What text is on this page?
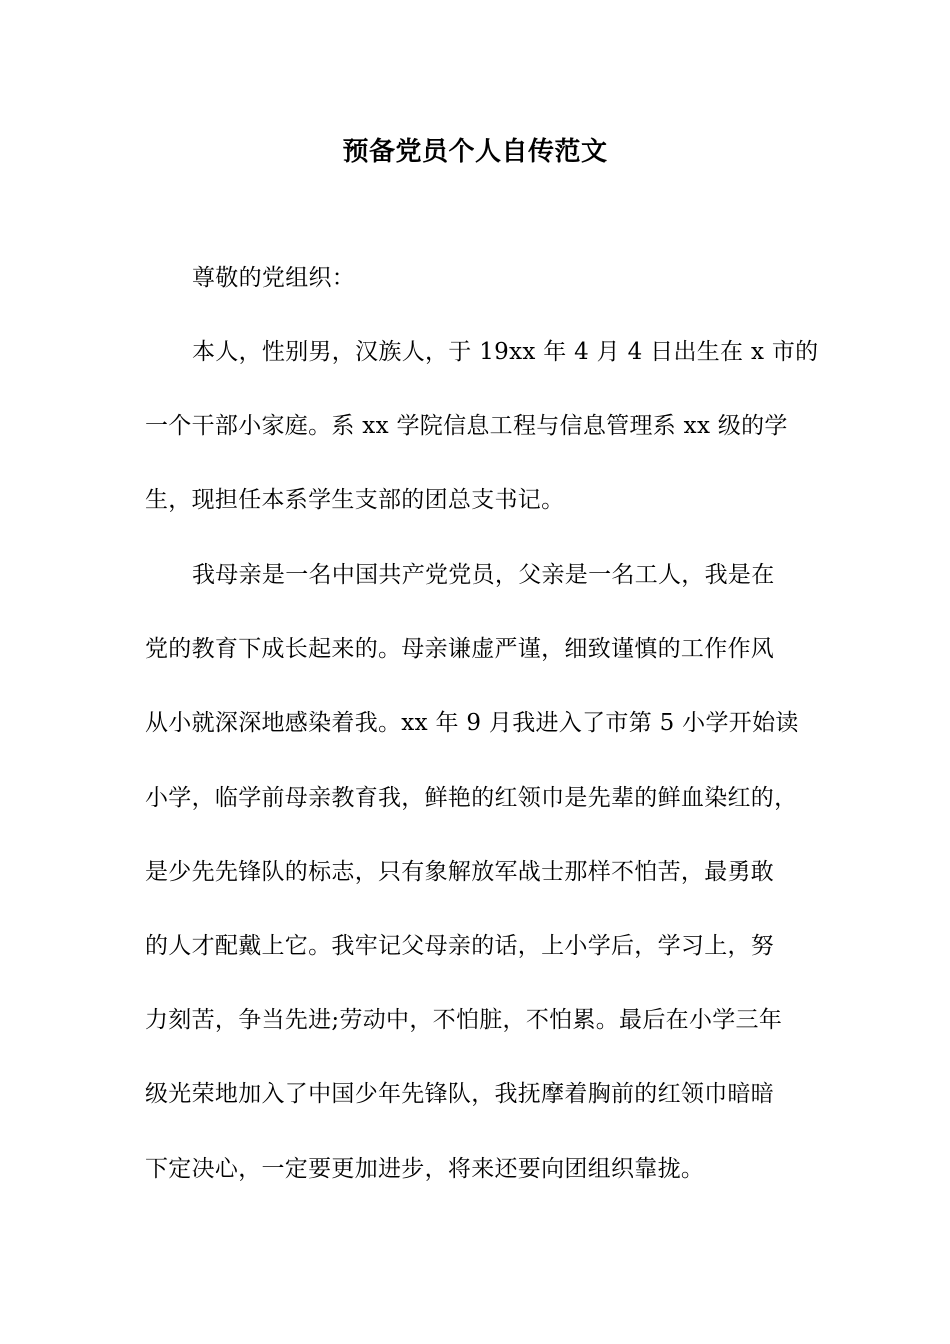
预备党员个人自传范文
尊敬的党组织：
本人，性别男，汉族人，于 19xx 年 4 月 4 日出生在 x 市的
一个干部小家庭。系 xx 学院信息工程与信息管理系 xx 级的学
生，现担任本系学生支部的团总支书记。
我母亲是一名中国共产党党员，父亲是一名工人，我是在
党的教育下成长起来的。母亲谦虚严谨，细致谨慎的工作作风
从小就深深地感染着我。xx 年 9 月我进入了市第 5 小学开始读
小学，临学前母亲教育我，鲜艳的红领巾是先辈的鲜血染红的，
是少先先锋队的标志，只有象解放军战士那样不怕苦，最勇敢
的人才配戴上它。我牢记父母亲的话，上小学后，学习上，努
力刻苦，争当先进;劳动中，不怕脏，不怕累。最后在小学三年
级光荣地加入了中国少年先锋队，我抚摩着胸前的红领巾暗暗
下定决心，一定要更加进步，将来还要向团组织靠拢。
